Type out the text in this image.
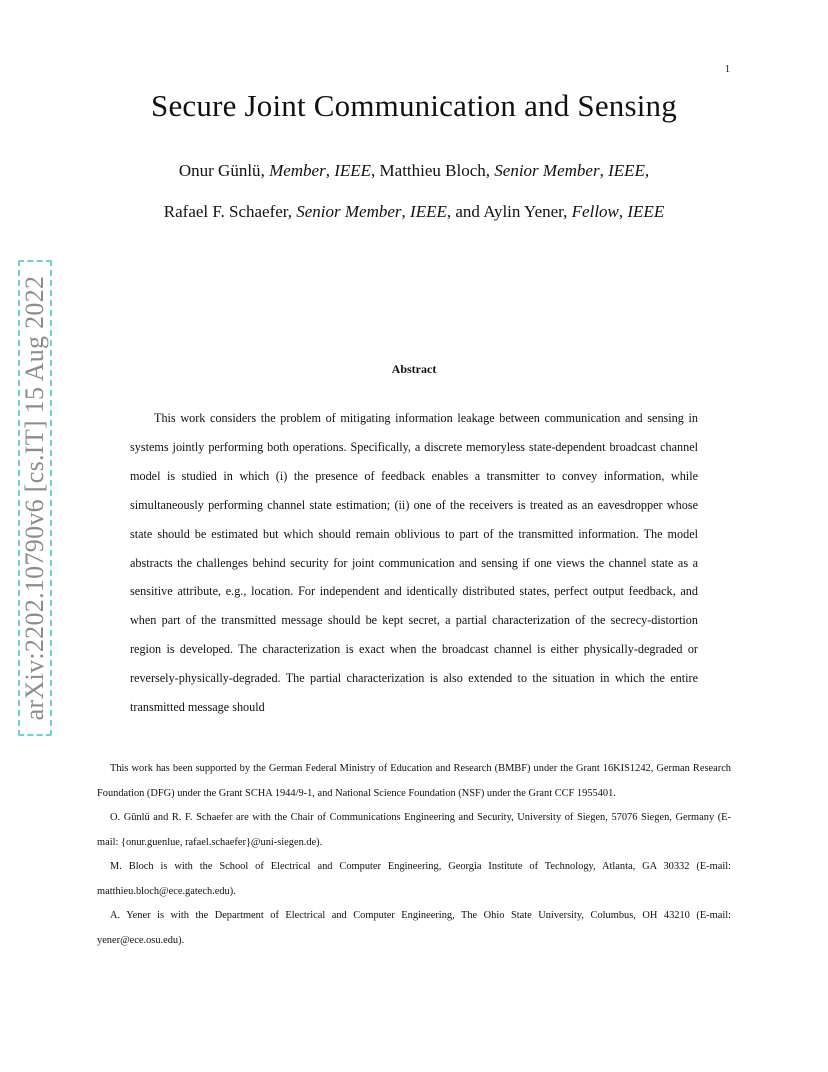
1
Secure Joint Communication and Sensing
Onur Günlü, Member, IEEE, Matthieu Bloch, Senior Member, IEEE,
Rafael F. Schaefer, Senior Member, IEEE, and Aylin Yener, Fellow, IEEE
arXiv:2202.10790v6 [cs.IT] 15 Aug 2022	Abstract
This work considers the problem of mitigating information leakage between communication and sensing in systems jointly performing both operations. Specifically, a discrete memoryless state-dependent broadcast channel model is studied in which (i) the presence of feedback enables a transmitter to convey information, while simultaneously performing channel state estimation; (ii) one of the receivers is treated as an eavesdropper whose state should be estimated but which should remain oblivious to part of the transmitted information. The model abstracts the challenges behind security for joint communication and sensing if one views the channel state as a sensitive attribute, e.g., location. For independent and identically distributed states, perfect output feedback, and when part of the transmitted message should be kept secret, a partial characterization of the secrecy-distortion region is developed. The characterization is exact when the broadcast channel is either physically-degraded or reversely-physically-degraded. The partial characterization is also extended to the situation in which the entire transmitted message should

This work has been supported by the German Federal Ministry of Education and Research (BMBF) under the Grant 16KIS1242, German Research Foundation (DFG) under the Grant SCHA 1944/9-1, and National Science Foundation (NSF) under the Grant CCF 1955401.

O. Günlü and R. F. Schaefer are with the Chair of Communications Engineering and Security, University of Siegen, 57076 Siegen, Germany (E-mail: {onur.guenlue, rafael.schaefer}@uni-siegen.de).

M. Bloch is with the School of Electrical and Computer Engineering, Georgia Institute of Technology, Atlanta, GA 30332 (E-mail: matthieu.bloch@ece.gatech.edu).

A. Yener is with the Department of Electrical and Computer Engineering, The Ohio State University, Columbus, OH 43210 (E-mail: yener@ece.osu.edu).
